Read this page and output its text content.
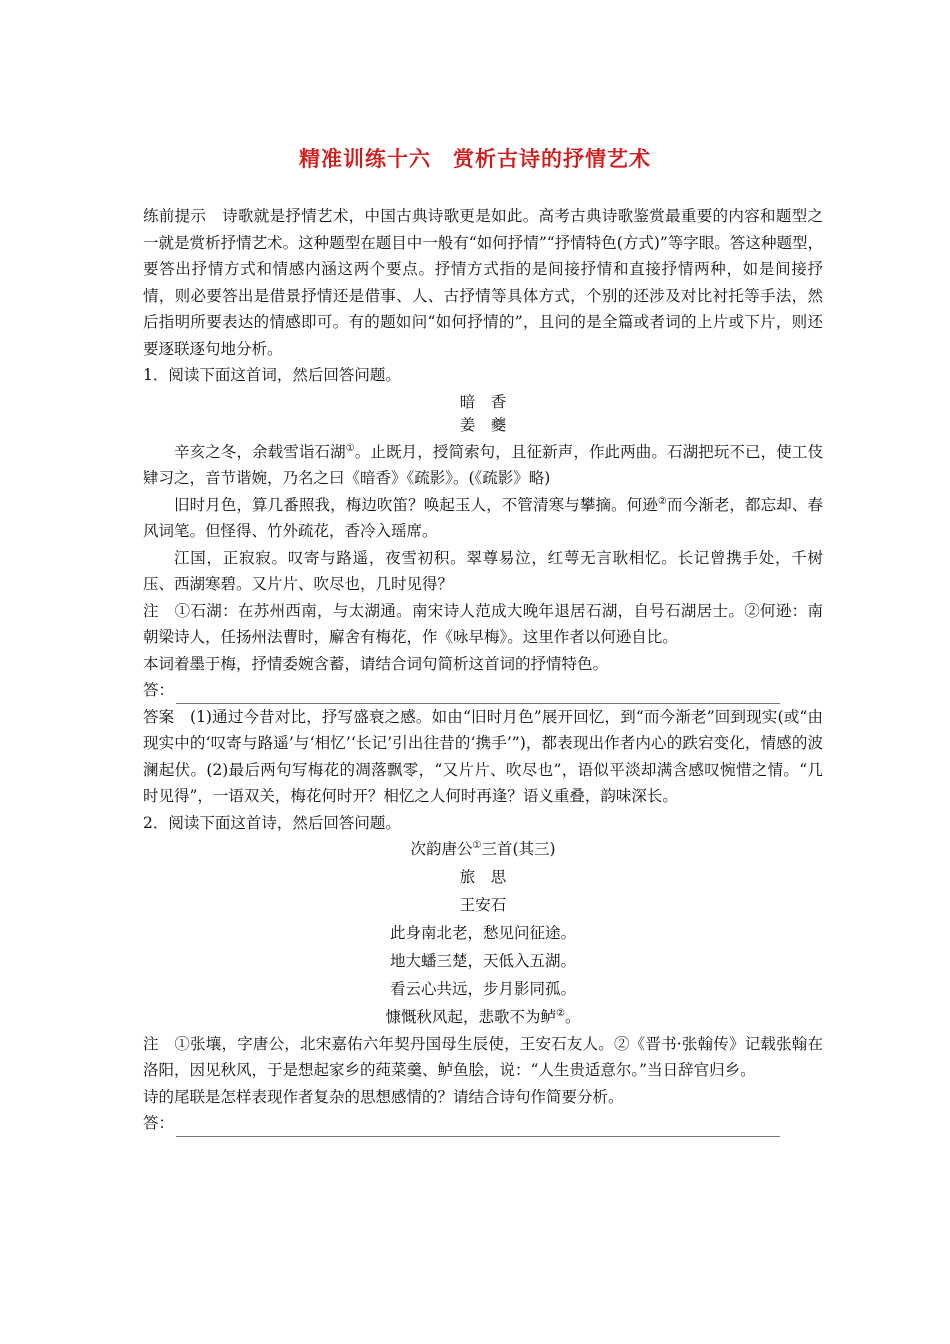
精准训练十六　赏析古诗的抒情艺术

练前提示　诗歌就是抒情艺术，中国古典诗歌更是如此。高考古典诗歌鉴赏最重要的内容和题型之一就是赏析抒情艺术。这种题型在题目中一般有“如何抒情”“抒情特色(方式)”等字眼。答这种题型，要答出抒情方式和情感内涵这两个要点。抒情方式指的是间接抒情和直接抒情两种，如是间接抒情，则必要答出是借景抒情还是借事、人、古抒情等具体方式，个别的还涉及对比衬托等手法，然后指明所要表达的情感即可。有的题如问“如何抒情的”，且问的是全篇或者词的上片或下片，则还要逐联逐句地分析。

1．阅读下面这首词，然后回答问题。

暗　香

姜　夔

辛亥之冬，余载雪诣石湖①。止既月，授简索句，且征新声，作此两曲。石湖把玩不已，使工伎肄习之，音节谐婉，乃名之曰《暗香》《疏影》。(《疏影》略)

旧时月色，算几番照我，梅边吹笛？唤起玉人，不管清寒与攀摘。何逊②而今渐老，都忘却、春风词笔。但怪得、竹外疏花，香冷入瑶席。

江国，正寂寂。叹寄与路遥，夜雪初积。翠尊易泣，红萼无言耿相忆。长记曾携手处，千树压、西湖寒碧。又片片、吹尽也，几时见得？

注　①石湖：在苏州西南，与太湖通。南宋诗人范成大晚年退居石湖，自号石湖居士。②何逊：南朝梁诗人，任扬州法曹时，廨舍有梅花，作《咏早梅》。这里作者以何逊自比。

本词着墨于梅，抒情委婉含蓄，请结合词句简析这首词的抒情特色。

答：

答案　(1)通过今昔对比，抒写盛衰之感。如由“旧时月色”展开回忆，到“而今渐老”回到现实(或“由现实中的‘叹寄与路遥’与‘相忆’‘长记’引出往昔的‘携手’”)，都表现出作者内心的跌宕变化，情感的波澜起伏。(2)最后两句写梅花的凋落飘零，“又片片、吹尽也”，语似平淡却满含感叹惋惜之情。“几时见得”，一语双关，梅花何时开？相忆之人何时再逢？语义重叠，韵味深长。

2．阅读下面这首诗，然后回答问题。

次韵唐公①三首(其三)

旅　思

王安石

此身南北老，愁见问征途。

地大蟠三楚，天低入五湖。

看云心共远，步月影同孤。

慷慨秋风起，悲歌不为鲈②。

注　①张壤，字唐公，北宋嘉佑六年契丹国母生辰使，王安石友人。②《晋书·张翰传》记载张翰在洛阳，因见秋风，于是想起家乡的莼菜羹、鲈鱼脍，说：“人生贵适意尔。”当日辞官归乡。

诗的尾联是怎样表现作者复杂的思想感情的？请结合诗句作简要分析。

答：
